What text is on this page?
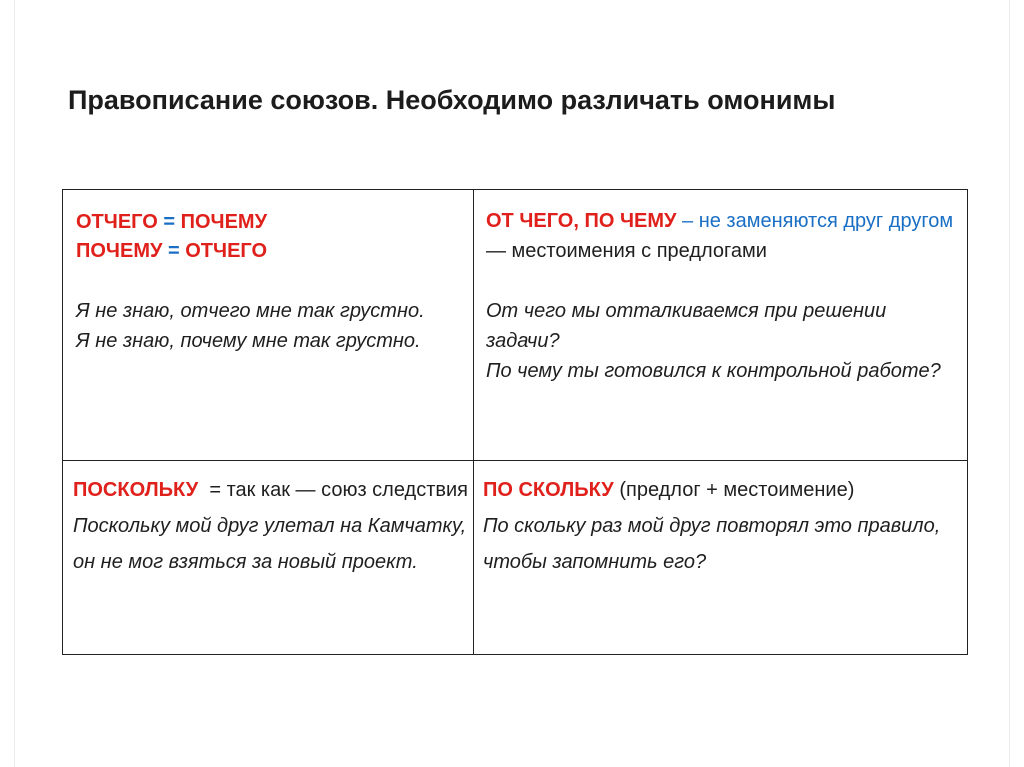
Правописание союзов. Необходимо различать омонимы
ОТЧЕГО = ПОЧЕМУ
ПОЧЕМУ = ОТЧЕГО
Я не знаю, отчего мне так грустно.
Я не знаю, почему мне так грустно.
ОТ ЧЕГО, ПО ЧЕМУ – не заменяются друг другом — местоимения с предлогами
От чего мы отталкиваемся при решении задачи?
По чему ты готовился к контрольной работе?
ПОСКОЛЬКУ = так как — союз следствия
Поскольку мой друг улетал на Камчатку, он не мог взяться за новый проект.
ПО СКОЛЬКУ (предлог + местоимение)
По скольку раз мой друг повторял это правило, чтобы запомнить его?
